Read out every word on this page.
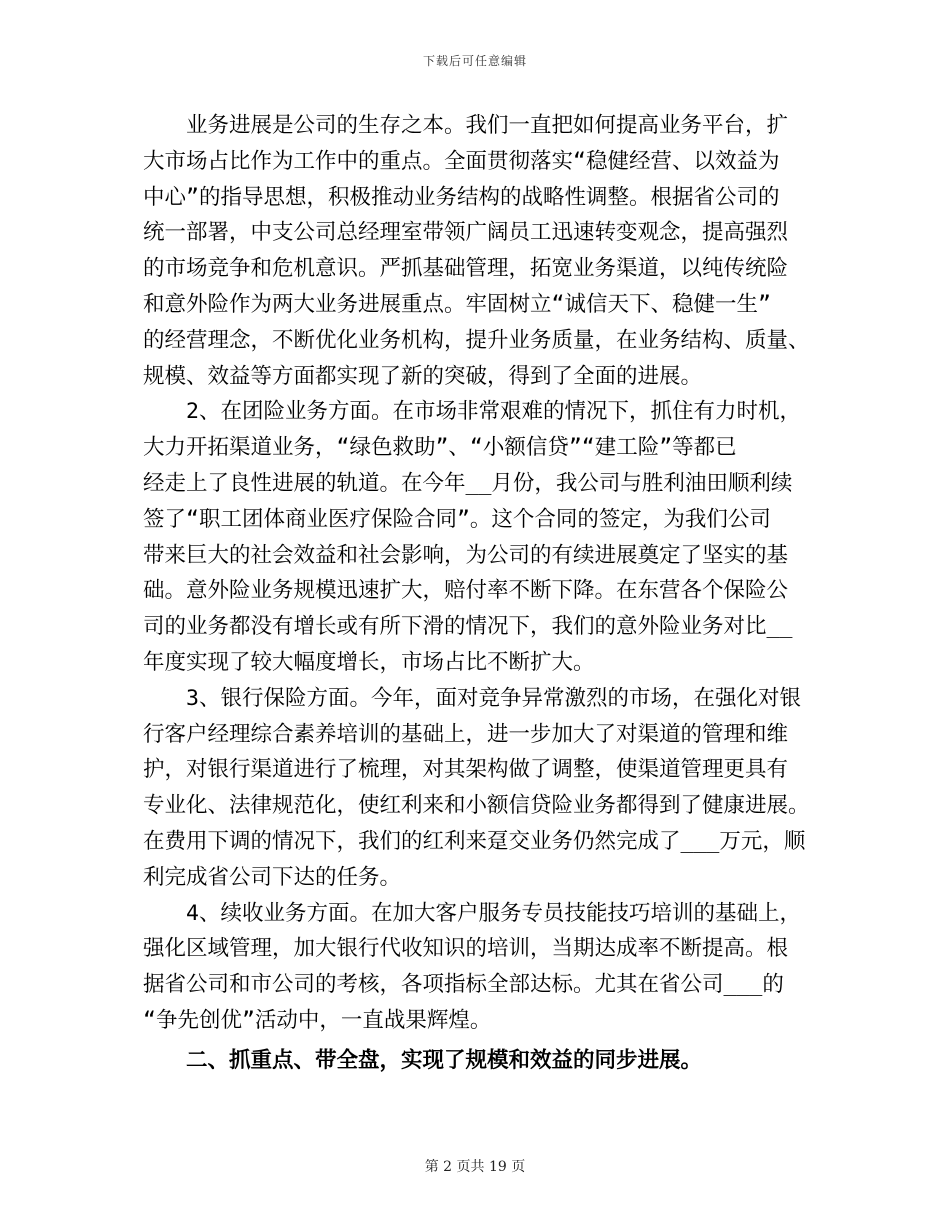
下载后可任意编辑
　　业务进展是公司的生存之本。我们一直把如何提高业务平台，扩
大市场占比作为工作中的重点。全面贯彻落实“稳健经营、以效益为
中心”的指导思想，积极推动业务结构的战略性调整。根据省公司的
统一部署，中支公司总经理室带领广阔员工迅速转变观念，提高强烈
的市场竞争和危机意识。严抓基础管理，拓宽业务渠道，以纯传统险
和意外险作为两大业务进展重点。牢固树立“诚信天下、稳健一生”
的经营理念，不断优化业务机构，提升业务质量，在业务结构、质量、
规模、效益等方面都实现了新的突破，得到了全面的进展。
　　2、在团险业务方面。在市场非常艰难的情况下，抓住有力时机，
大力开拓渠道业务，“绿色救助”、“小额信贷”“建工险”等都已
经走上了良性进展的轨道。在今年__月份，我公司与胜利油田顺利续
签了“职工团体商业医疗保险合同”。这个合同的签定，为我们公司
带来巨大的社会效益和社会影响，为公司的有续进展奠定了坚实的基
础。意外险业务规模迅速扩大，赔付率不断下降。在东营各个保险公
司的业务都没有增长或有所下滑的情况下，我们的意外险业务对比__
年度实现了较大幅度增长，市场占比不断扩大。
　　3、银行保险方面。今年，面对竞争异常激烈的市场，在强化对银
行客户经理综合素养培训的基础上，进一步加大了对渠道的管理和维
护，对银行渠道进行了梳理，对其架构做了调整，使渠道管理更具有
专业化、法律规范化，使红利来和小额信贷险业务都得到了健康进展。
在费用下调的情况下，我们的红利来趸交业务仍然完成了___万元，顺
利完成省公司下达的任务。
　　4、续收业务方面。在加大客户服务专员技能技巧培训的基础上，
强化区域管理，加大银行代收知识的培训，当期达成率不断提高。根
据省公司和市公司的考核，各项指标全部达标。尤其在省公司___的
“争先创优”活动中，一直战果辉煌。
　　二、抓重点、带全盘，实现了规模和效益的同步进展。
第 2 页共 19 页
